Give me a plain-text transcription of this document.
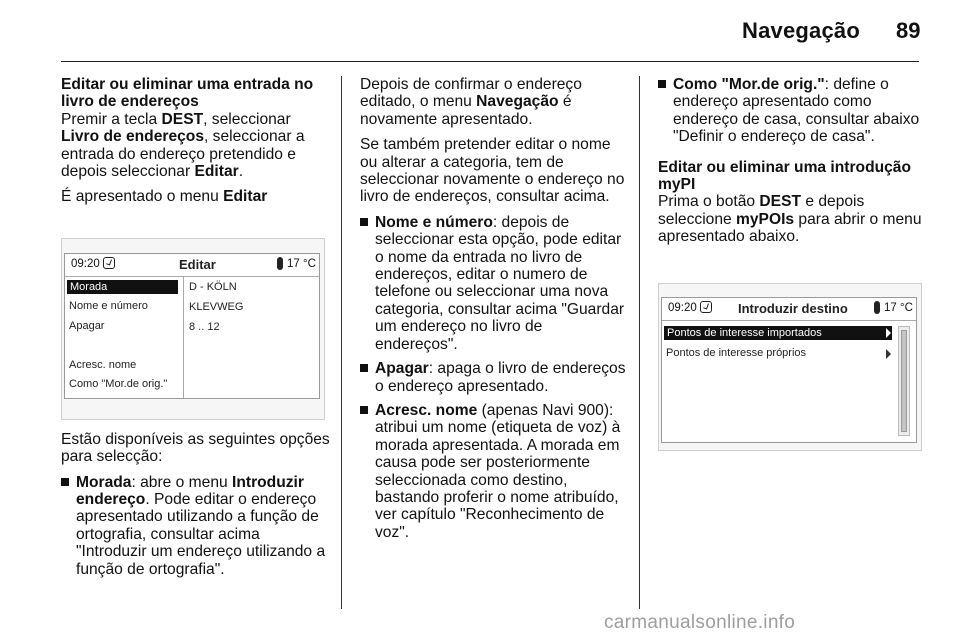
Navegação 89

Editar ou eliminar uma entrada no livro de endereços

Premir a tecla DEST, seleccionar Livro de endereços, seleccionar a entrada do endereço pretendido e depois seleccionar Editar.

É apresentado o menu Editar

Estão disponíveis as seguintes opções para selecção:

Morada: abre o menu Introduzir endereço. Pode editar o endereço apresentado utilizando a função de ortografia, consultar acima "Introduzir um endereço utilizando a função de ortografia".
09:20	Editar	17 °C
Morada
Nome e número
Apagar
Acresc. nome
Como "Mor.de orig."
D - KÖLN
KLEVWEG
8 .. 12

Depois de confirmar o endereço editado, o menu Navegação é novamente apresentado.

Se também pretender editar o nome ou alterar a categoria, tem de seleccionar novamente o endereço no livro de endereços, consultar acima.

Nome e número: depois de seleccionar esta opção, pode editar o nome da entrada no livro de endereços, editar o numero de telefone ou seleccionar uma nova categoria, consultar acima "Guardar um endereço no livro de endereços".
Apagar: apaga o livro de endereços o endereço apresentado.
Acresc. nome (apenas Navi 900): atribui um nome (etiqueta de voz) à morada apresentada. A morada em causa pode ser posteriormente seleccionada como destino, bastando proferir o nome atribuído, ver capítulo "Reconhecimento de voz".
Como "Mor.de orig.": define o endereço apresentado como endereço de casa, consultar abaixo "Definir o endereço de casa".

Editar ou eliminar uma introdução myPI

Prima o botão DEST e depois seleccione myPOIs para abrir o menu apresentado abaixo.

09:20	Introduzir destino	17 °C
Pontos de interesse importados
Pontos de interesse próprios
carmanualsonline.info
